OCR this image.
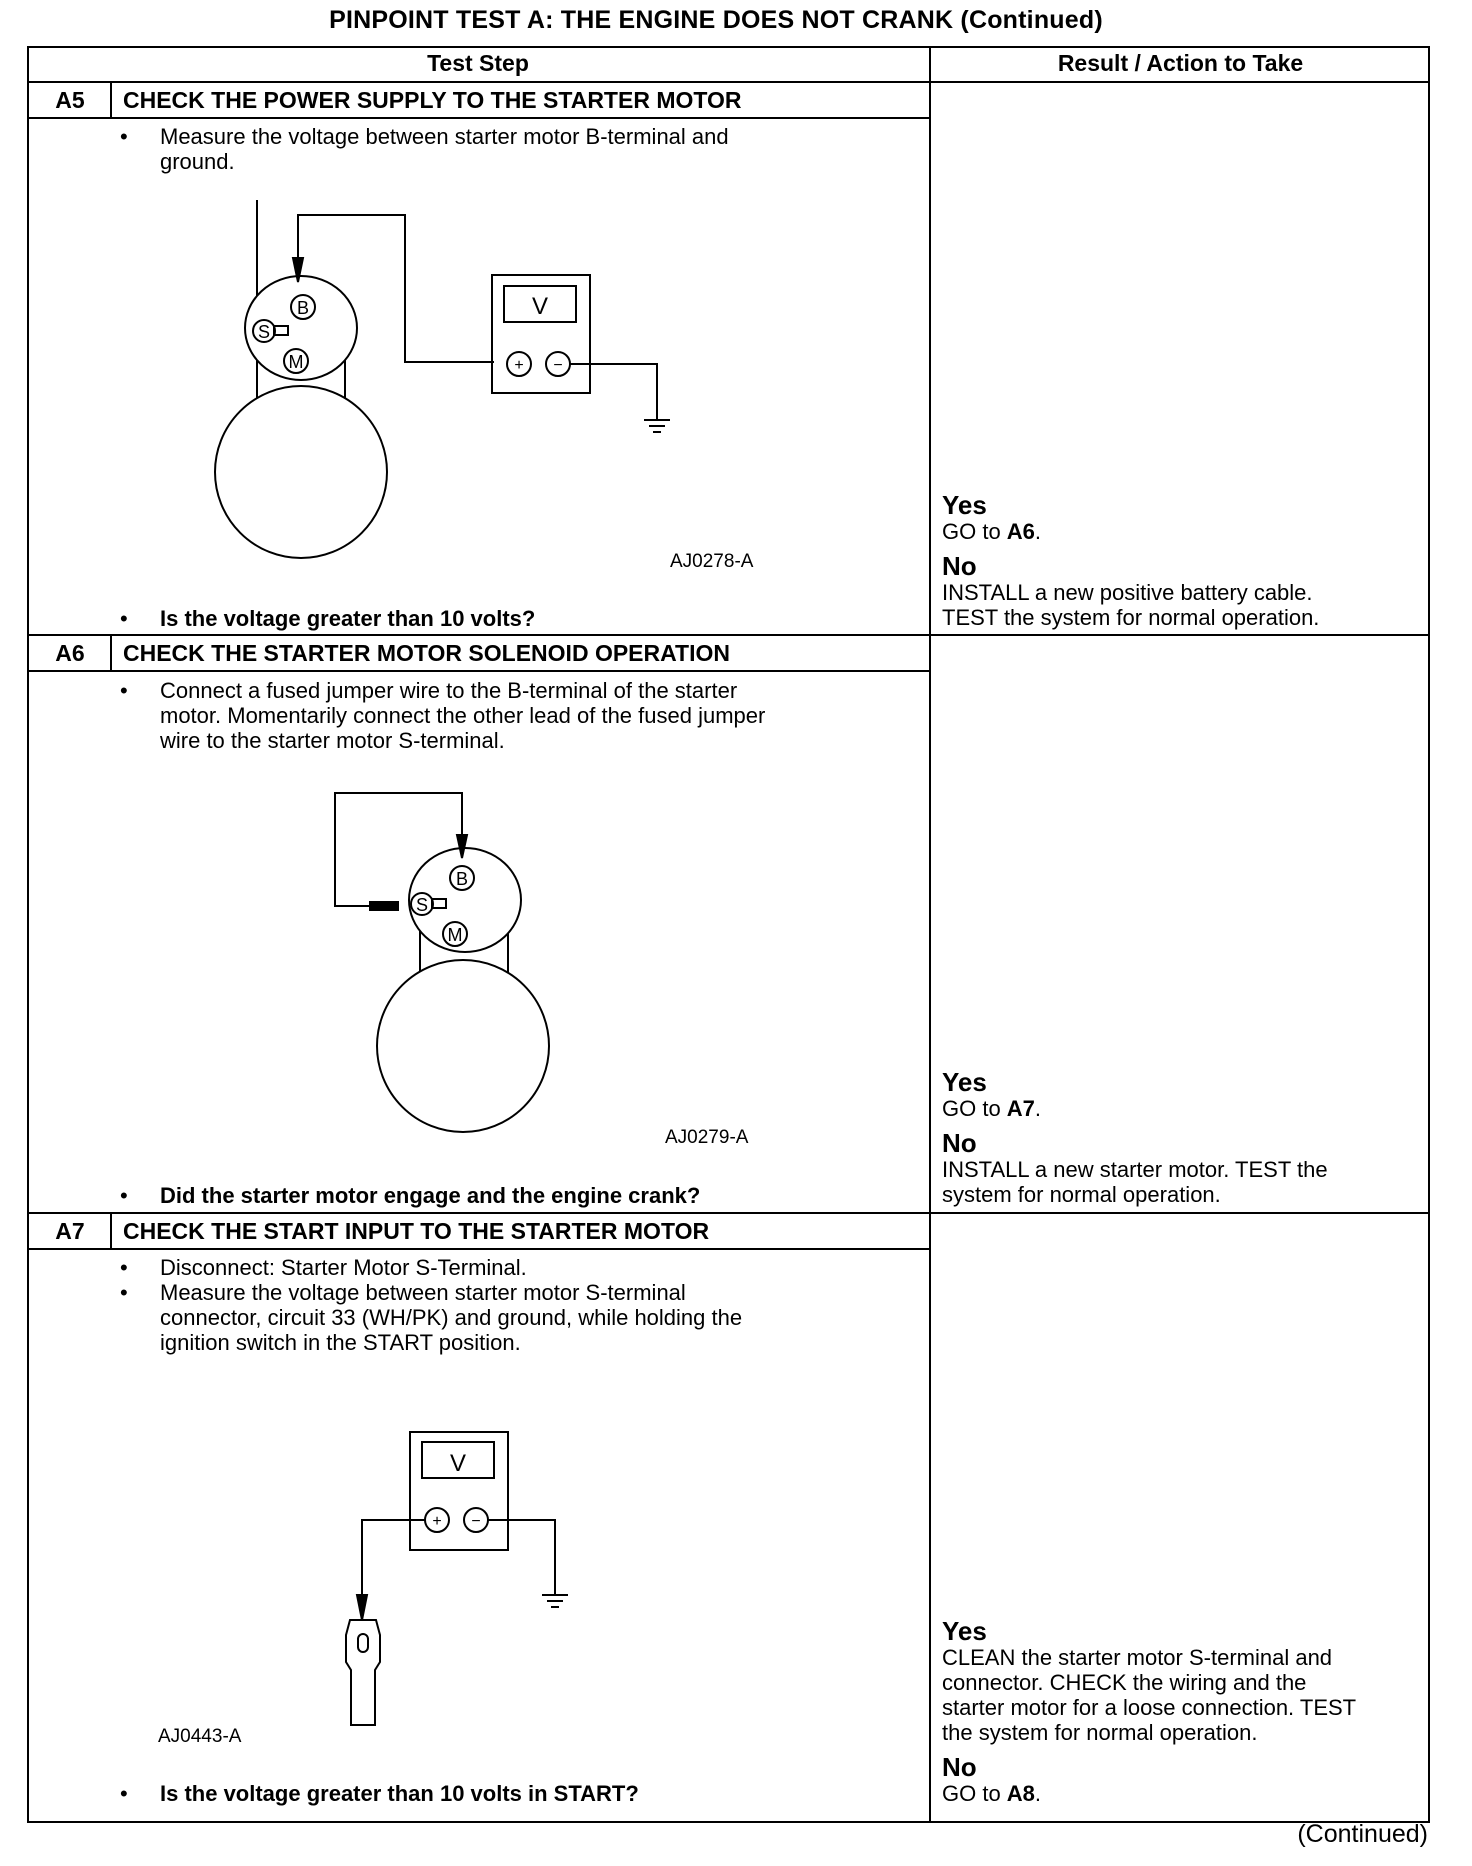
PINPOINT TEST A: THE ENGINE DOES NOT CRANK (Continued)
Test Step	Result / Action to Take
A5	CHECK THE POWER SUPPLY TO THE STARTER MOTOR
• Measure the voltage between starter motor B-terminal and
ground.
B
S
M
V
+ −
AJ0278-A
• Is the voltage greater than 10 volts?
Yes
GO to A6.
No
INSTALL a new positive battery cable.
TEST the system for normal operation.
A6	CHECK THE STARTER MOTOR SOLENOID OPERATION
• Connect a fused jumper wire to the B-terminal of the starter
motor. Momentarily connect the other lead of the fused jumper
wire to the starter motor S-terminal.
B
S
M
AJ0279-A
• Did the starter motor engage and the engine crank?
Yes
GO to A7.
No
INSTALL a new starter motor. TEST the
system for normal operation.
A7	CHECK THE START INPUT TO THE STARTER MOTOR
• Disconnect: Starter Motor S-Terminal.
• Measure the voltage between starter motor S-terminal
connector, circuit 33 (WH/PK) and ground, while holding the
ignition switch in the START position.
V
+ −
AJ0443-A
• Is the voltage greater than 10 volts in START?
Yes
CLEAN the starter motor S-terminal and
connector. CHECK the wiring and the
starter motor for a loose connection. TEST
the system for normal operation.
No
GO to A8.
(Continued)
